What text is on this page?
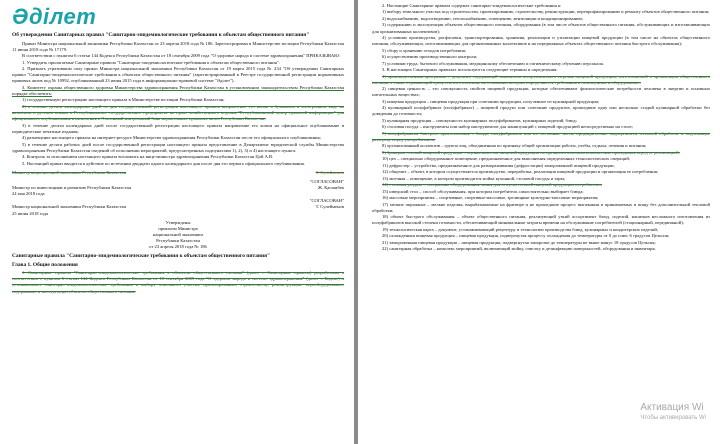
Әділет

Об утверждении Санитарных правил "Санитарно-эпидемиологические требования к объектам общественного питания"

Приказ Министра национальной экономики Республики Казахстан от 23 апреля 2018 года № 186. Зарегистрирован в Министерстве юстиции Республики Казахстан 11 июня 2018 года № 17179.

В соответствии с пунктом 6 статьи 144 Кодекса Республики Казахстан от 18 сентября 2009 года "О здоровье народа и системе здравоохранения" ПРИКАЗЫВАЮ:

1. Утвердить прилагаемые Санитарные правила "Санитарно-эпидемиологические требования к объектам общественного питания".

2. Признать утратившим силу приказ Министра национальной экономики Республики Казахстан от 19 марта 2015 года № 234 "Об утверждении Санитарных правил "Санитарно-эпидемиологические требования к объектам общественного питания" (зарегистрированный в Реестре государственной регистрации нормативных правовых актов под № 10992, опубликованный 23 июня 2015 года в информационно-правовой системе "Әділет").

3. Комитету охраны общественного здоровья Министерства здравоохранения Республики Казахстан в установленном законодательством Республики Казахстан порядке обеспечить:

1) государственную регистрацию настоящего приказа в Министерстве юстиции Республики Казахстан;

2) в течение десяти календарных дней со дня государственной регистрации настоящего приказа направление его копии в бумажном и электронном виде на казахском и русском языках в Республиканское государственное предприятие на праве хозяйственного ведения "Республиканский центр правовой информации" для официального опубликования и включения в Эталонный контрольный банк нормативных правовых актов Республики Казахстан;

3) в течение десяти календарных дней после государственной регистрации настоящего приказа направление его копии на официальное опубликование в периодические печатные издания;

4) размещение настоящего приказа на интернет-ресурсе Министерства здравоохранения Республики Казахстан после его официального опубликования;

5) в течение десяти рабочих дней после государственной регистрации настоящего приказа представление в Департамент юридической службы Министерства здравоохранения Республики Казахстан сведений об исполнении мероприятий, предусмотренных подпунктами 1), 2), 3) и 4) настоящего пункта.

4. Контроль за исполнением настоящего приказа возложить на вице-министра здравоохранения Республики Казахстан Цой А.В.

5. Настоящий приказ вводится в действие по истечении двадцати одного календарного дня после дня его первого официального опубликования.

Министр национальной экономики Республики Казахстан	Т. Сулейменов

"СОГЛАСОВАН"

Министр по инвестициям и развитию Республики Казахстан	Ж. Қасымбек

24 мая 2018 года

"СОГЛАСОВАН"

Министр национальной экономики Республики Казахстан	Т. Сулейменов

25 июня 2018 года

Утверждены
приказом Министра
национальной экономики
Республики Казахстан
от 23 апреля 2018 года № 186

Санитарные правила "Санитарно-эпидемиологические требования к объектам общественного питания"

Глава 1. Общие положения

1. Санитарные правила "Санитарно-эпидемиологические требования к объектам общественного питания" (далее – Санитарные правила) разработаны в соответствии с пунктом 6 статьи 144 Кодекса Республики Казахстан от 18 сентября 2009 года "О здоровье народа и системе здравоохранения" (далее – Кодекс) и устанавливают санитарно-эпидемиологические требования к выбору земельного участка, проектированию, строительству, реконструкции, переоборудованию, содержанию и эксплуатации объектов общественного питания.

2. Настоящие Санитарные правила содержат санитарно-эпидемиологические требования к:

1) выбору земельного участка под строительство, проектированию, строительству, реконструкции, перепрофилированию и ремонту объектов общественного питания;

2) водоснабжению, водоотведению, теплоснабжению, освещению, вентиляции и кондиционированию;

3) содержанию и эксплуатации объектов общественного питания, оборудования (в том числе объектов общественного питания, обслуживающих и изготавливающих для организованных коллективов);

4) условиям производства, расфасовки, транспортирования, хранения, реализации и утилизации пищевой продукции (в том числе на объектах общественного питания, обслуживающих, изготавливающих для организованных коллективов и на передвижных объектах общественного питания быстрого обслуживания);

5) сбору и хранению отходов потребления;

6) осуществлению производственного контроля;

7) условиям труда, бытового обслуживания, медицинскому обеспечению и гигиеническому обучению персонала.

3. В настоящих Санитарных правилах используются следующие термины и определения:

1) производственная программа – документ, содержащий показатели ассортиментного перечня пищевой продукции, изготовляемой в организации общественного питания, а также отражающий процессы изготовления, на основании которых определяются требования к помещениям и оборудованию;

2) пищевая ценность – это совокупность свойств пищевой продукции, которые обеспечивают физиологические потребности человека в энергии и основных питательных веществах;

3) пищевая продукция – пищевая продукция при сочетании продукции, полученное из кулинарной продукции;

4) кулинарный полуфабрикат (полуфабрикат) – пищевой продукт или сочетание продуктов, прошедшие одну или несколько стадий кулинарной обработки без доведения до готовности;

5) кулинарная продукция – совокупность кулинарных полуфабрикатов, кулинарных изделий, блюд;

6) столовая посуда – инструменты или набор инструментов для манипуляций с пищевой продукцией непосредственно на столе;

7) полуфабрикаты быстрого приготовления – блюда, полуфабрикаты или их составные части, предварительно подвергшиеся тепловой обработке и подлежащие разогреву перед употреблением;

8) организованный коллектив – группа лиц, объединенная по признаку общей организации работы, учебы, отдыха, лечения и питания;

9) бракераж готовой пищевой продукции – оценка качества пищевой продукции по органолептическим показателям, проводимая перед ее реализацией;

10) цех – специально оборудованное помещение, предназначенное для выполнения определенных технологических операций;

11) дефростер – устройство, предназначенное для размораживания (дефростации) замороженной пищевой продукции;

12) общепит – объект, в котором осуществляется производство, переработка, реализация пищевой продукции и организация ее потребления;

13) моечная – помещение, в котором производится мойка кухонной, столовой посуды и тары;

14) столовая раздача – специально оборудованная линия для отпуска готовой пищевой продукции потребителю;

15) шведский стол – способ обслуживания, при котором потребитель самостоятельно выбирает блюда;

16) массовые мероприятия – спортивные, спортивно-массовые, зрелищные культурно-массовые мероприятия;

17) мелкие пирожные – мелкие изделия, вырабатываемые на фритюре и не прошедшие процесс выпекания и принимаемых в пищу без дополнительной тепловой обработки;

18) объект быстрого обслуживания – объект общественного питания, реализующий узкий ассортимент блюд, изделий, напитков несложного изготовления из полуфабрикатов высокой степени готовности, обеспечивающий минимальные затраты времени на обслуживание потребителей (стационарный, передвижной);

19) технологическая карта – документ, устанавливающий рецептуру и технологию производства блюд, кулинарных и кондитерских изделий;

20) охлажденная пищевая продукция – пищевая продукция, подвергнутая процессу охлаждения до температуры от 0 до плюс 6 градусов Цельсия;

21) замороженная пищевая продукция – пищевая продукция, подвергнутая заморозке до температуры не выше минус 18 градусов Цельсия;

22) санитарная обработка – комплекс мероприятий, включающий мойку, очистку и дезинфекцию поверхностей, оборудования и инвентаря.

Активация Wi
Чтобы активировать Wi
